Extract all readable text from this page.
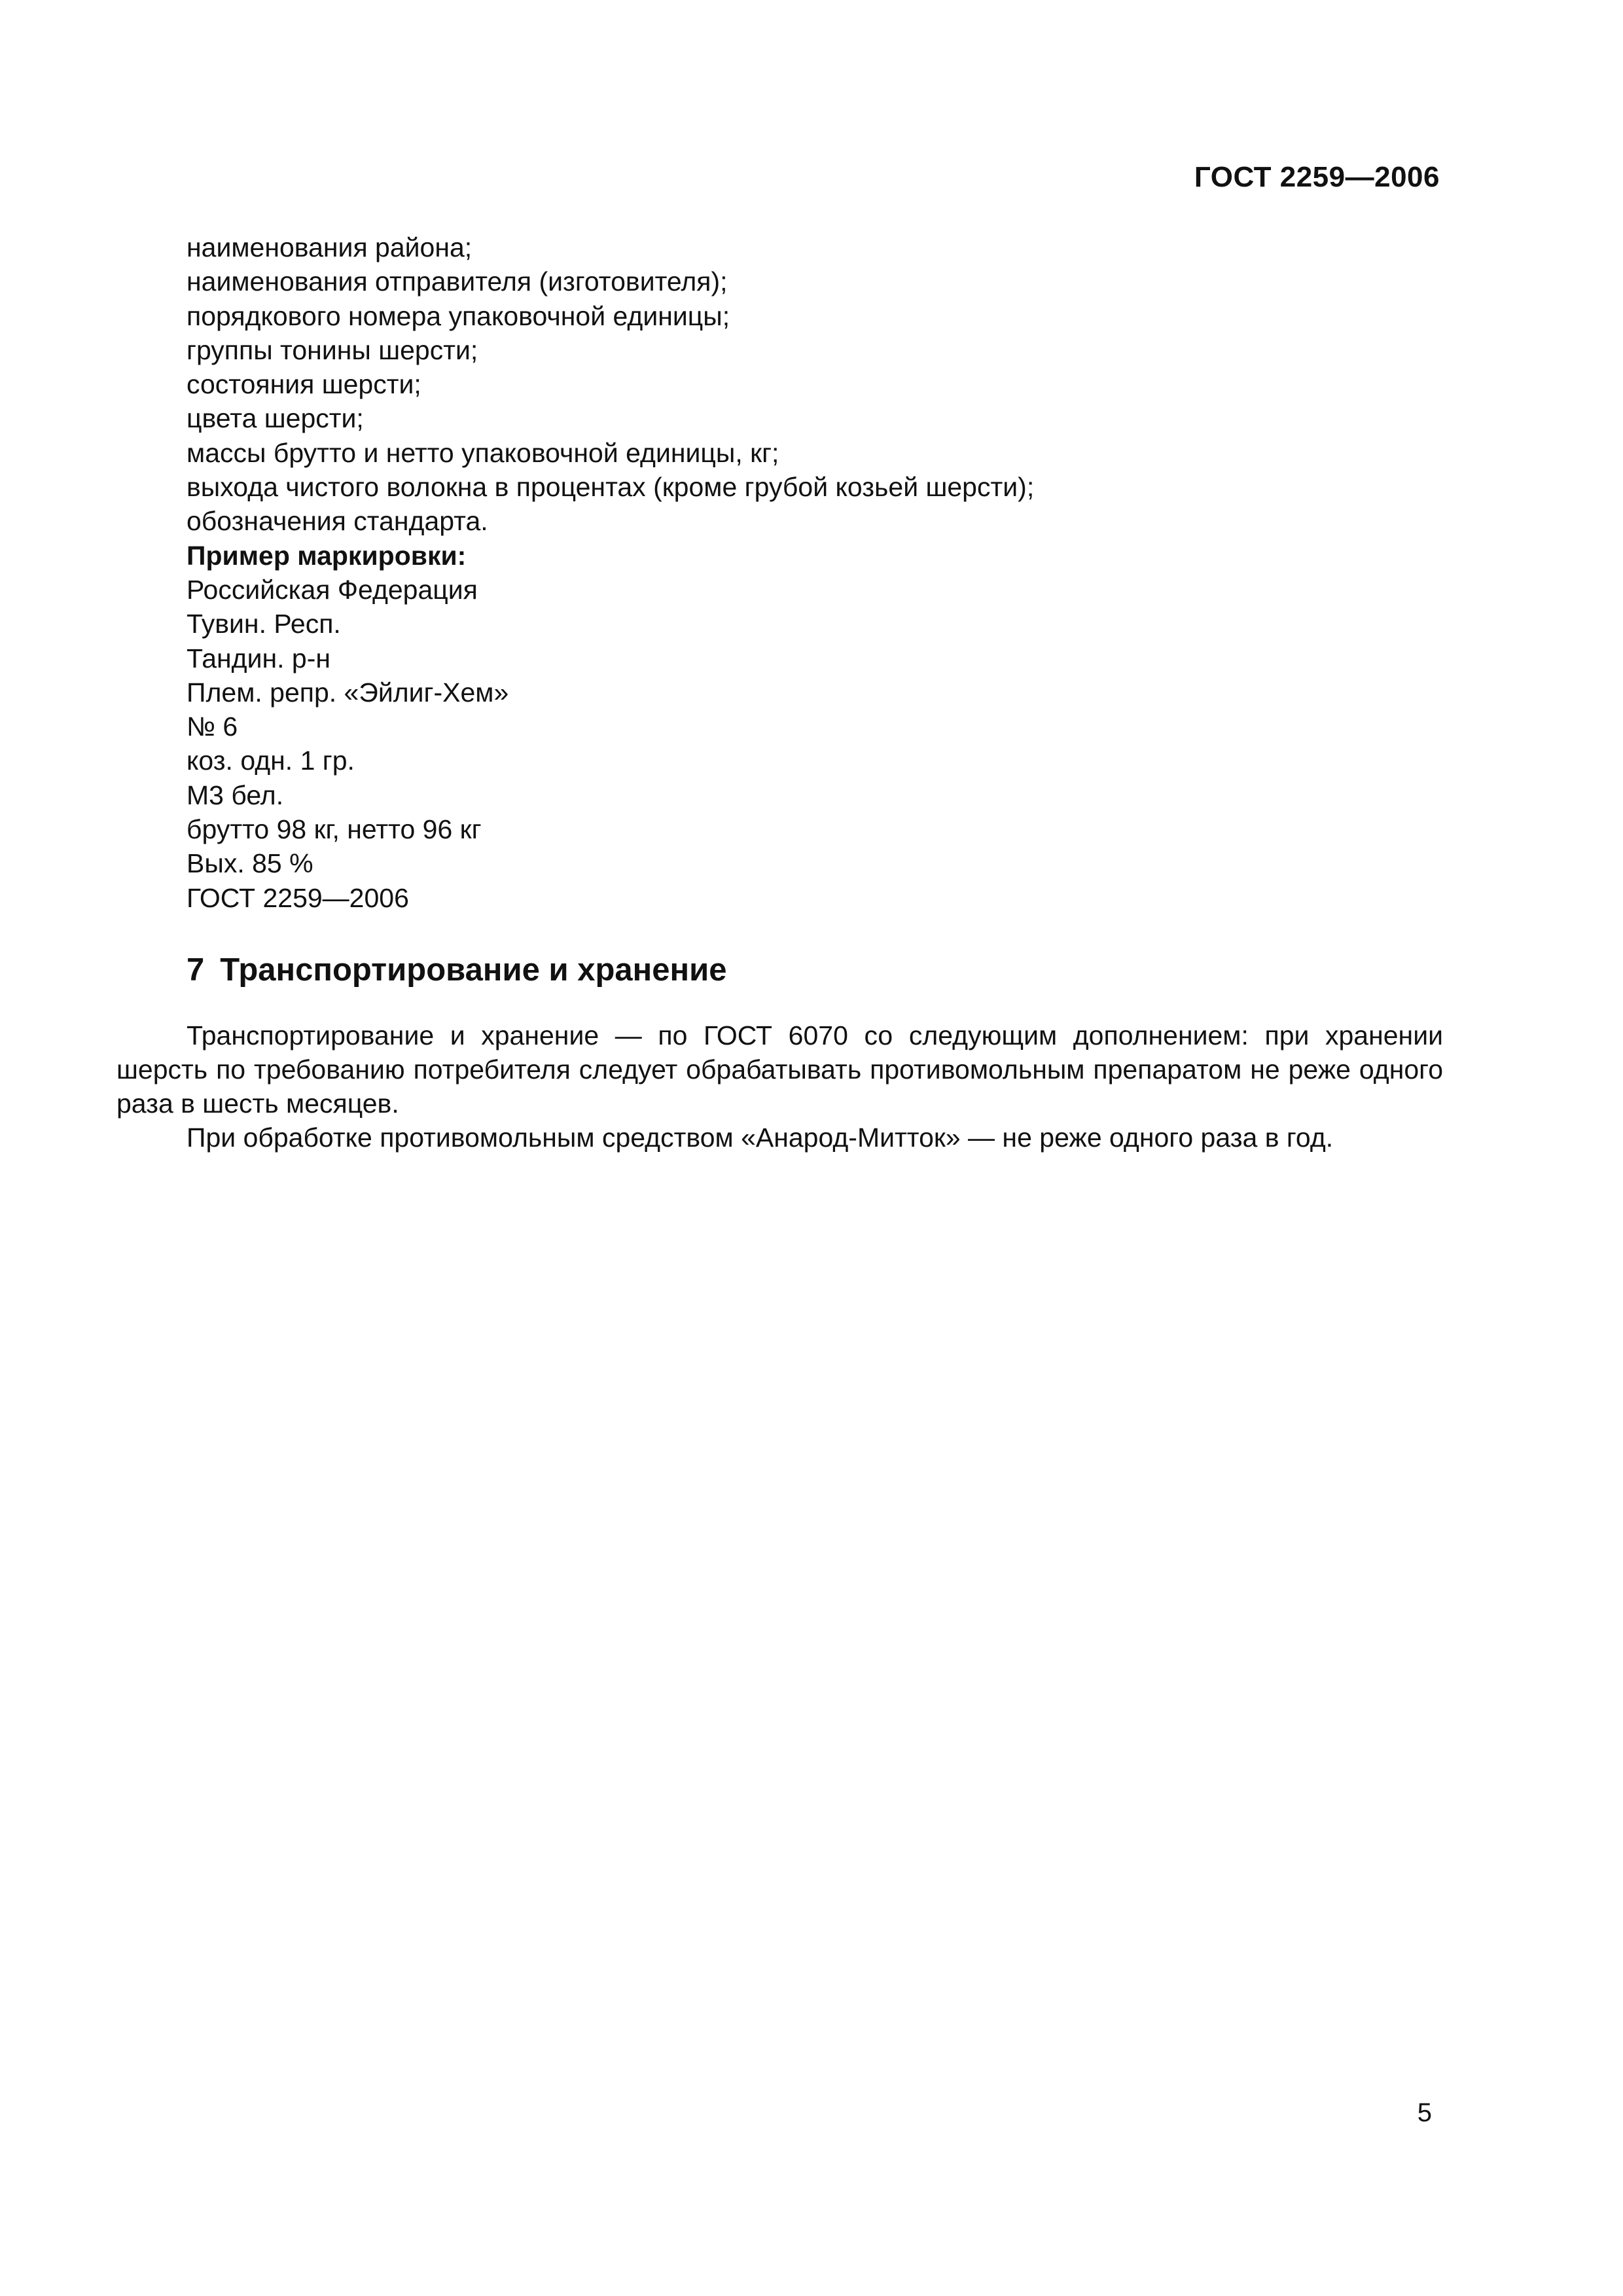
ГОСТ 2259—2006
наименования района;
наименования отправителя (изготовителя);
порядкового номера упаковочной единицы;
группы тонины шерсти;
состояния шерсти;
цвета шерсти;
массы брутто и нетто упаковочной единицы, кг;
выхода чистого волокна в процентах (кроме грубой козьей шерсти);
обозначения стандарта.
Пример маркировки:
Российская Федерация
Тувин. Респ.
Тандин. р-н
Плем. репр. «Эйлиг-Хем»
№ 6
коз. одн. 1 гр.
М3 бел.
брутто 98 кг, нетто 96 кг
Вых. 85 %
ГОСТ 2259—2006
7 Транспортирование и хранение

Транспортирование и хранение — по ГОСТ 6070 со следующим дополнением: при хранении шерсть по требованию потребителя следует обрабатывать противомольным препаратом не реже одного раза в шесть месяцев.

При обработке противомольным средством «Анарод-Митток» — не реже одного раза в год.

5
